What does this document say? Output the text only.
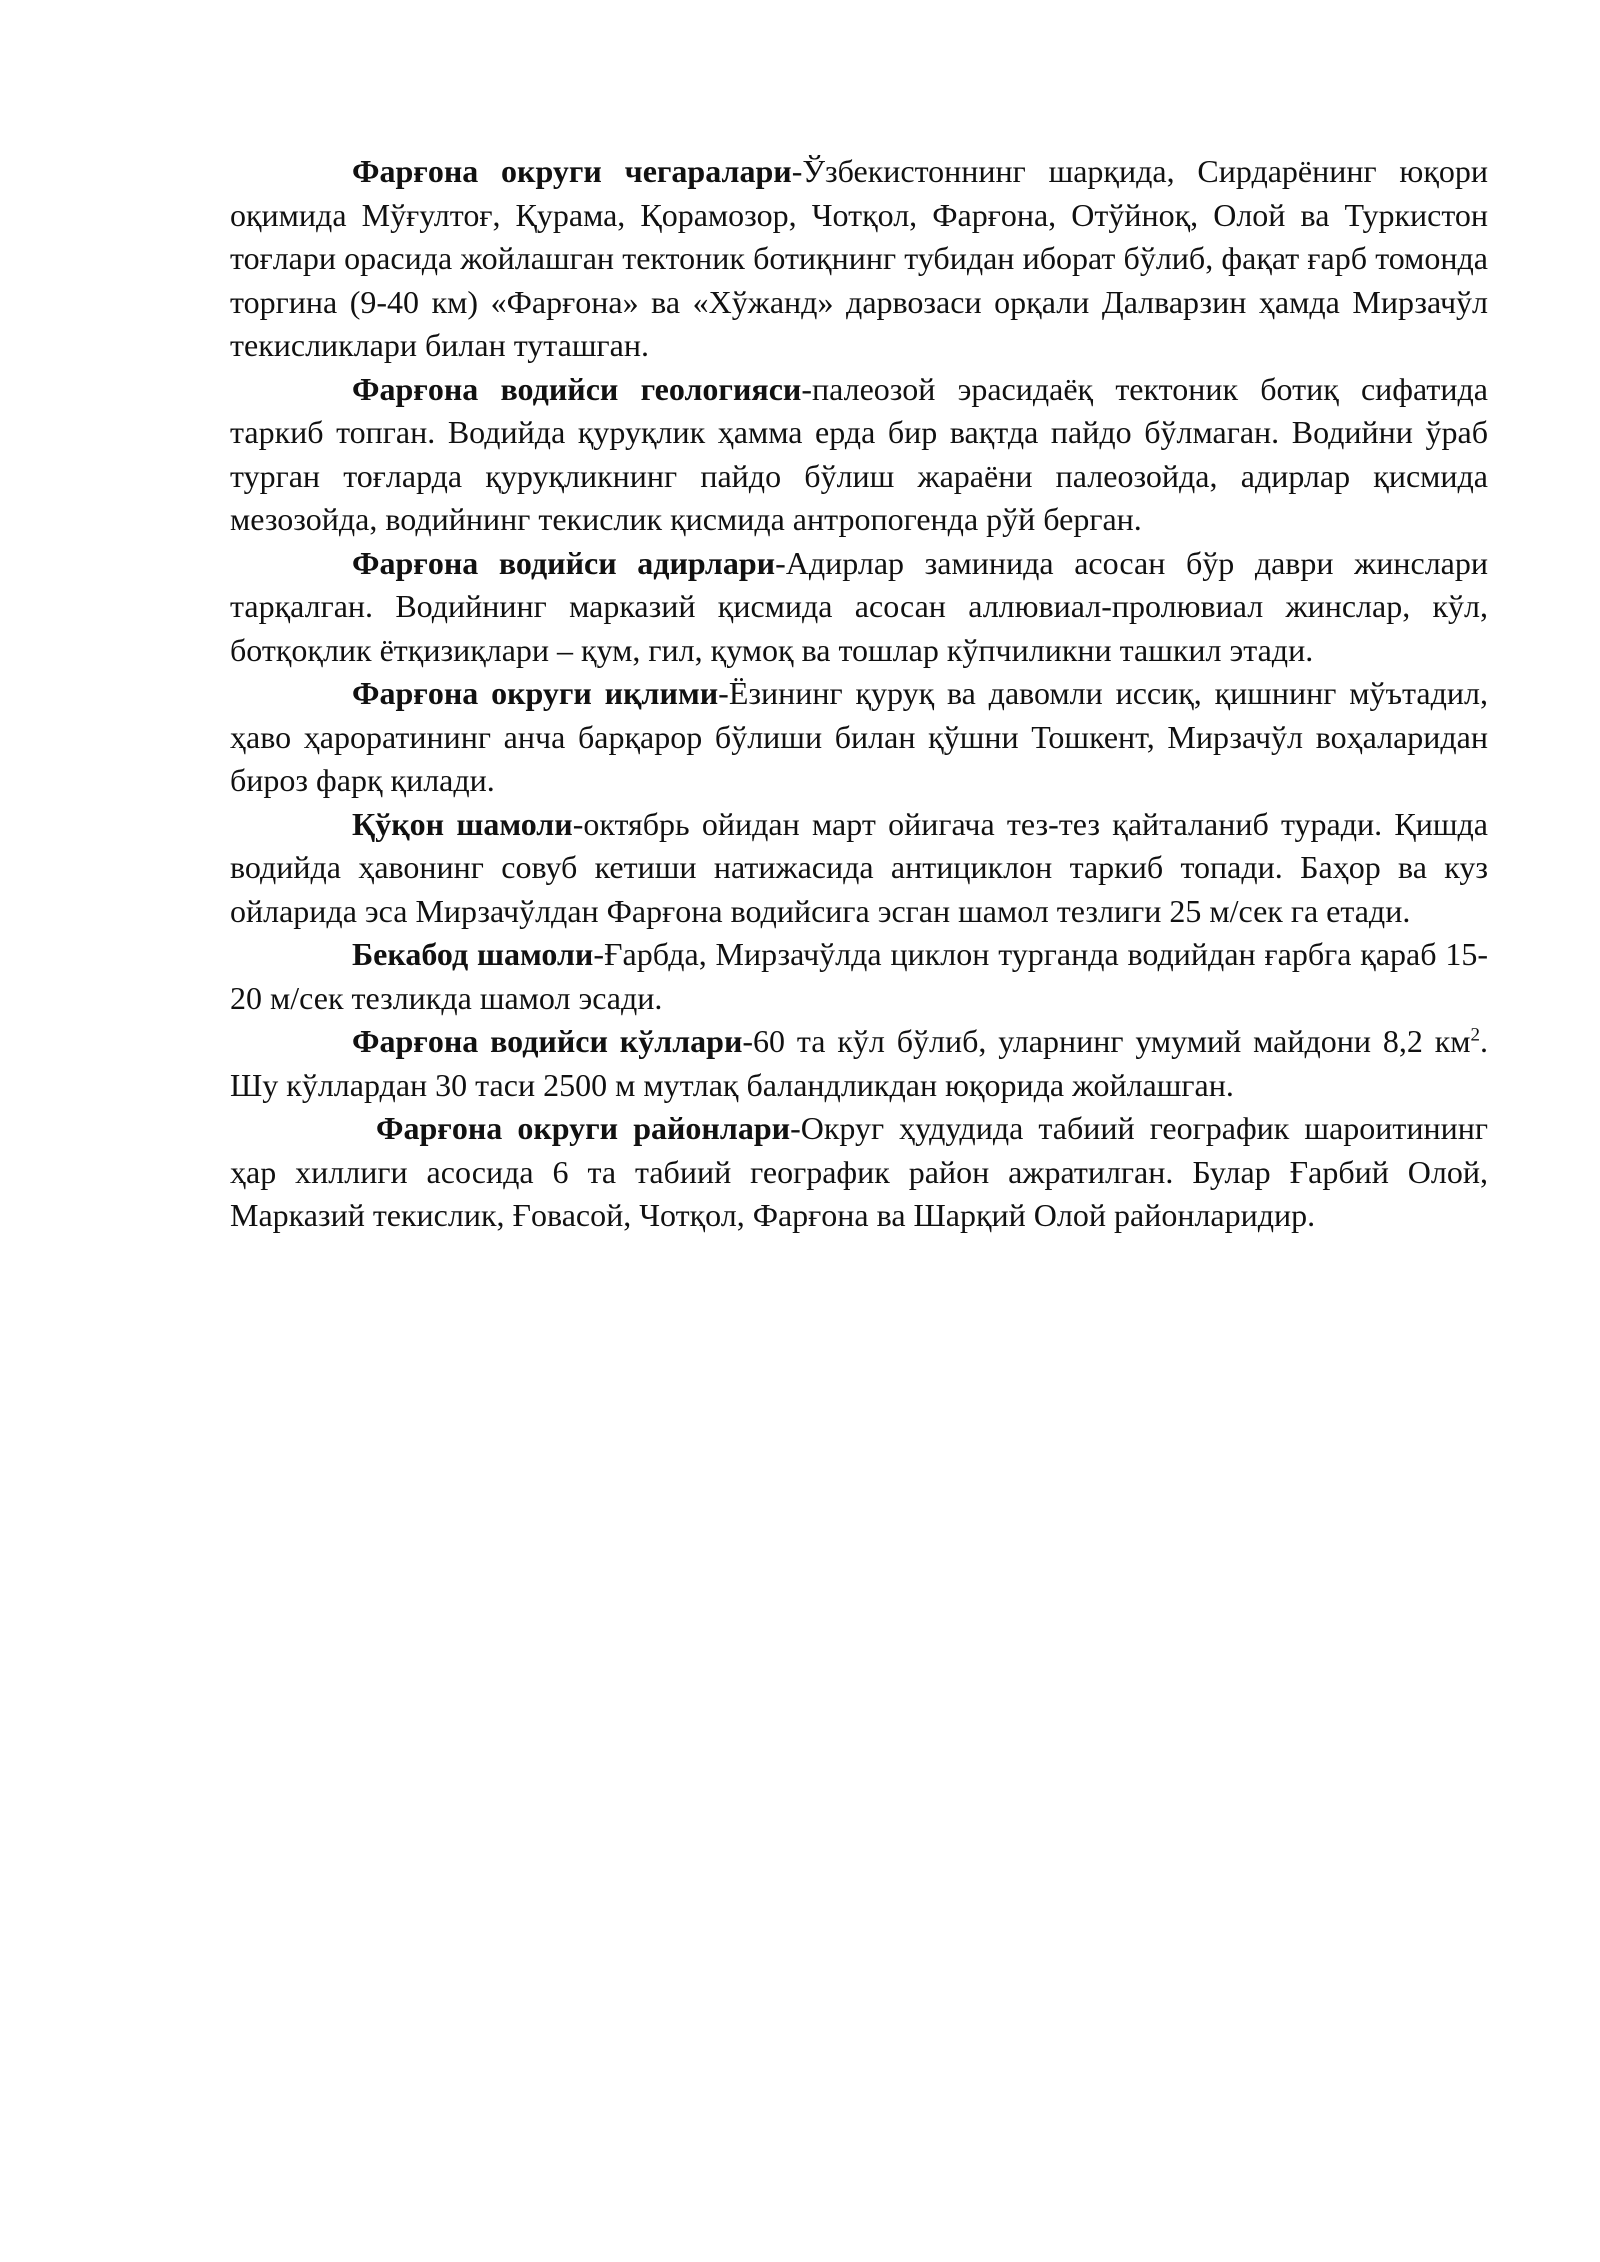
Фарғона округи чегаралари-Ўзбекистоннинг шарқида, Сирдарёнинг юқори оқимида Мўғултоғ, Қурама, Қорамозор, Чотқол, Фарғона, Отўйноқ, Олой ва Туркистон тоғлари орасида жойлашган тектоник ботиқнинг тубидан иборат бўлиб, фақат ғарб томонда торгина (9-40 км) «Фарғона» ва «Хўжанд» дарвозаси орқали Далварзин ҳамда Мирзачўл текисликлари билан туташган.

Фарғона водийси геологияси-палеозой эрасидаёқ тектоник ботиқ сифатида таркиб топган. Водийда қуруқлик ҳамма ерда бир вақтда пайдо бўлмаган. Водийни ўраб турган тоғларда қуруқликнинг пайдо бўлиш жараёни палеозойда, адирлар қисмида мезозойда, водийнинг текислик қисмида антропогенда рўй берган.

Фарғона водийси адирлари-Адирлар заминида асосан бўр даври жинслари тарқалган. Водийнинг марказий қисмида асосан аллювиал-пролювиал жинслар, кўл, ботқоқлик ётқизиқлари – қум, гил, қумоқ ва тошлар кўпчиликни ташкил этади.

Фарғона округи иқлими-Ёзининг қуруқ ва давомли иссиқ, қишнинг мўътадил, ҳаво ҳароратининг анча барқарор бўлиши билан қўшни Тошкент, Мирзачўл воҳаларидан бироз фарқ қилади.

Қўқон шамоли-октябрь ойидан март ойигача тез-тез қайталаниб туради. Қишда водийда ҳавонинг совуб кетиши натижасида антициклон таркиб топади. Баҳор ва куз ойларида эса Мирзачўлдан Фарғона водийсига эсган шамол тезлиги 25 м/сек га етади.

Бекабод шамоли-Ғарбда, Мирзачўлда циклон турганда водийдан ғарбга қараб 15-20 м/сек тезликда шамол эсади.

Фарғона водийси кўллари-60 та кўл бўлиб, уларнинг умумий майдони 8,2 $км^2$. Шу кўллардан 30 таси 2500 м мутлақ баландликдан юқорида жойлашган.

Фарғона округи районлари-Округ ҳудудида табиий географик шароитининг ҳар хиллиги асосида 6 та табиий географик район ажратилган. Булар Ғарбий Олой, Марказий текислик, Ғовасой, Чотқол, Фарғона ва Шарқий Олой районларидир.
